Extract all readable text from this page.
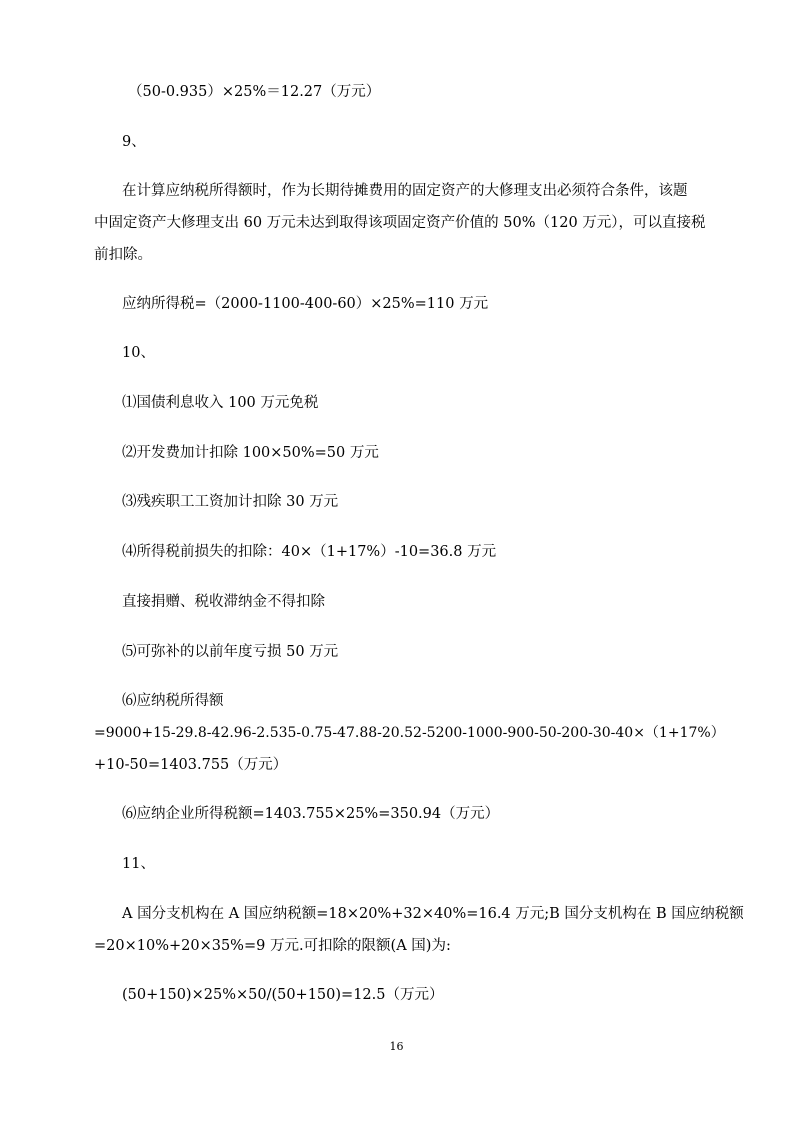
（50-0.935）×25%＝12.27（万元）
9、
在计算应纳税所得额时，作为长期待摊费用的固定资产的大修理支出必须符合条件，该题
中固定资产大修理支出 60 万元未达到取得该项固定资产价值的 50%（120 万元），可以直接税
前扣除。
应纳所得税=（2000-1100-400-60）×25%=110 万元
10、
⑴国债利息收入 100 万元免税
⑵开发费加计扣除 100×50%=50 万元
⑶残疾职工工资加计扣除 30 万元
⑷所得税前损失的扣除：40×（1+17%）-10=36.8 万元
直接捐赠、税收滞纳金不得扣除
⑸可弥补的以前年度亏损 50 万元
⑹应纳税所得额
=9000+15-29.8-42.96-2.535-0.75-47.88-20.52-5200-1000-900-50-200-30-40×（1+17%）
+10-50=1403.755（万元）
⑹应纳企业所得税额=1403.755×25%=350.94（万元）
11、
A 国分支机构在 A 国应纳税额=18×20%+32×40%=16.4 万元;B 国分支机构在 B 国应纳税额
=20×10%+20×35%=9 万元.可扣除的限额(A 国)为:
(50+150)×25%×50/(50+150)=12.5（万元）
16
